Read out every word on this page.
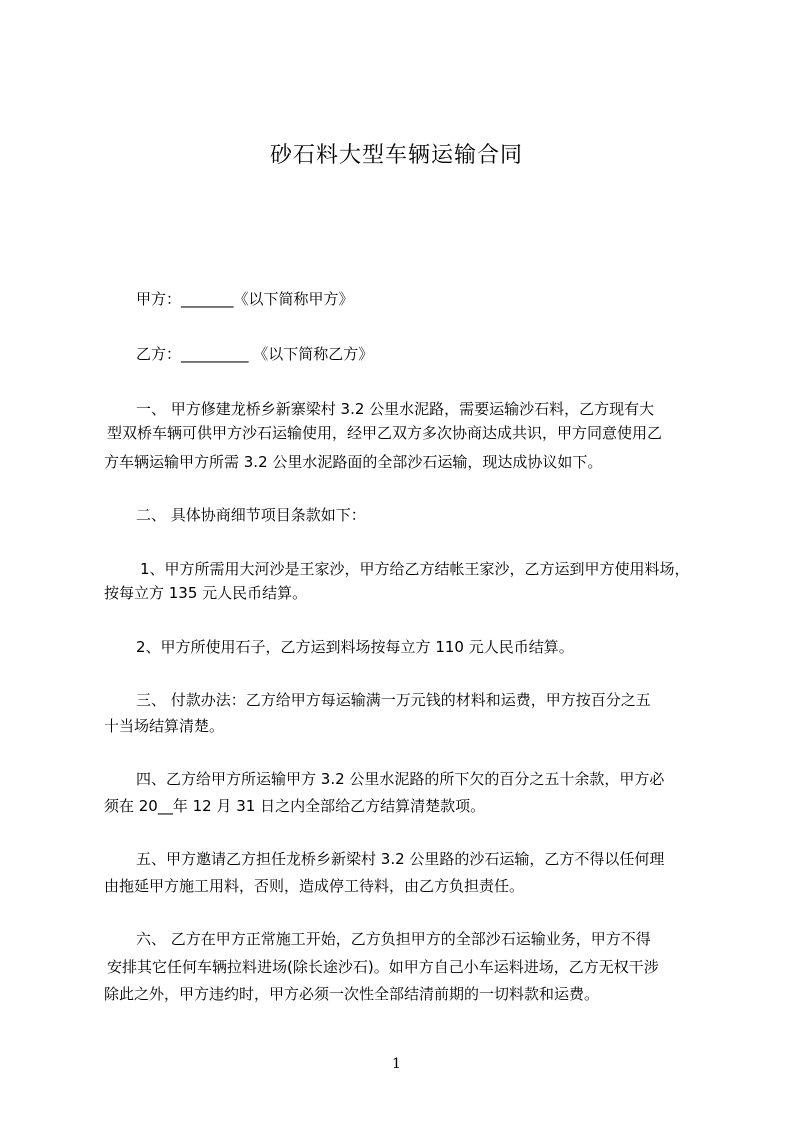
砂石料大型车辆运输合同
甲方：_______《以下简称甲方》
乙方：_________ 《以下简称乙方》
一、 甲方修建龙桥乡新寨梁村 3.2 公里水泥路，需要运输沙石料，乙方现有大
型双桥车辆可供甲方沙石运输使用，经甲乙双方多次协商达成共识，甲方同意使用乙
方车辆运输甲方所需 3.2 公里水泥路面的全部沙石运输，现达成协议如下。
二、 具体协商细节项目条款如下：
1、甲方所需用大河沙是王家沙，甲方给乙方结帐王家沙，乙方运到甲方使用料场，
按每立方 135 元人民币结算。
2、甲方所使用石子，乙方运到料场按每立方 110 元人民币结算。
三、 付款办法：乙方给甲方每运输满一万元钱的材料和运费，甲方按百分之五
十当场结算清楚。
四、乙方给甲方所运输甲方 3.2 公里水泥路的所下欠的百分之五十余款，甲方必
须在 20__年 12 月 31 日之内全部给乙方结算清楚款项。
五、甲方邀请乙方担任龙桥乡新梁村 3.2 公里路的沙石运输，乙方不得以任何理
由拖延甲方施工用料，否则，造成停工待料，由乙方负担责任。
六、 乙方在甲方正常施工开始，乙方负担甲方的全部沙石运输业务，甲方不得
安排其它任何车辆拉料进场(除长途沙石)。如甲方自己小车运料进场，乙方无权干涉
除此之外，甲方违约时，甲方必须一次性全部结清前期的一切料款和运费。
1
